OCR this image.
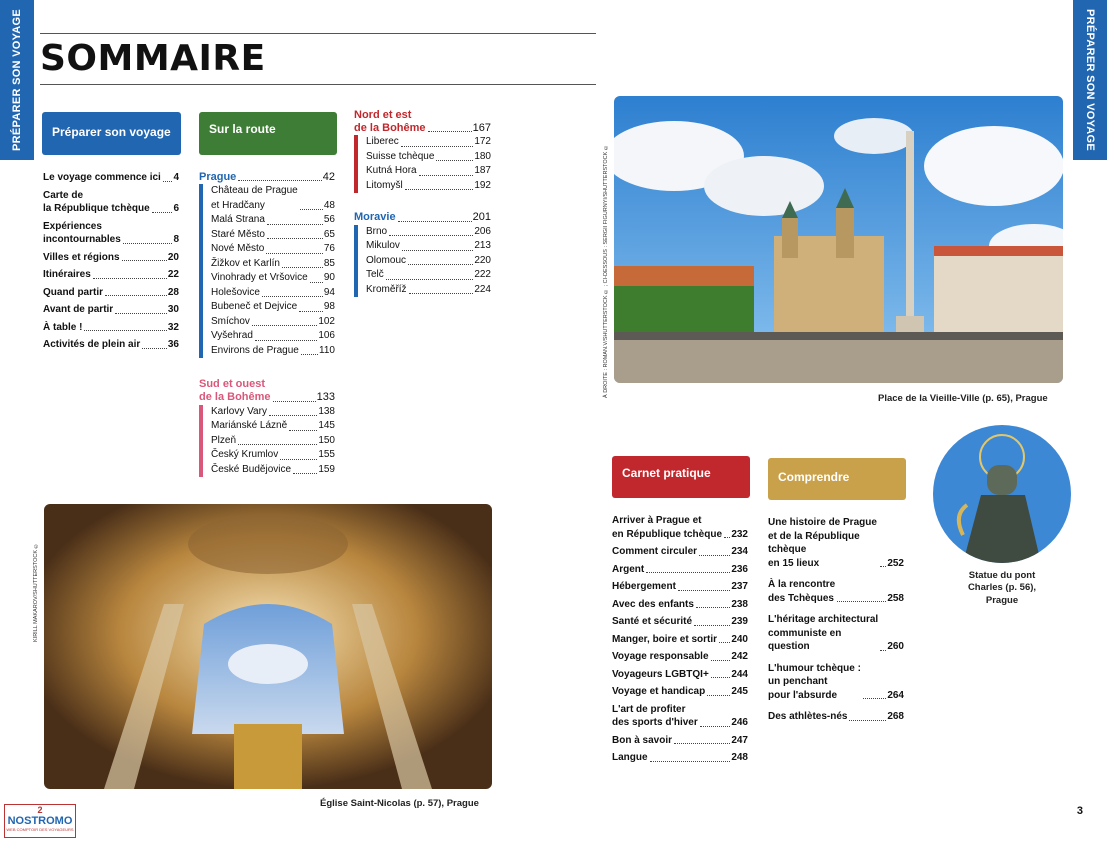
PRÉPARER SON VOYAGE	PRÉPARER SON VOYAGE
SOMMAIRE
Préparer son voyage	Sur la route
Carnet pratique	Comprendre
Le voyage commence ici 4
Carte de
la République tchèque 6
Expériences
incontournables	8
Villes et régions	20
Itinéraires	22
Quand partir	28
Avant de partir	30
À table !	32
Activités de plein air	36
Prague	42
Château de Prague
et Hradčany	48
Malá Strana	56
Staré Město	65
Nové Město	76
Žižkov et Karlín	85
Vinohrady et Vršovice 90
Holešovice	94
Bubeneč et Dejvice	98
Smíchov	102
Vyšehrad	106
Environs de Prague 110
Sud et ouest
de la Bohême	133
Karlovy Vary	138
Mariánské Lázně	145
Plzeň	150
Český Krumlov	155
České Budějovice	159
Nord et est
de la Bohême	167
Liberec	172
Suisse tchèque	180
Kutná Hora	187
Litomyšl	192
Moravie	201
Brno	206
Mikulov	213
Olomouc	220
Telč	222
Kroměříž	224
Arriver à Prague et
en République tchèque 232
Comment circuler	234
Argent	236
Hébergement	237
Avec des enfants	238
Santé et sécurité	239
Manger, boire et sortir 240
Voyage responsable 242
Voyageurs LGBTQI+ 244
Voyage et handicap	245
L'art de profiter
des sports d'hiver	246
Bon à savoir	247
Langue	248
Une histoire de Prague
et de la République tchèque
en 15 lieux	252
À la rencontre
des Tchèques	258
L'héritage architectural
communiste en question	260
L'humour tchèque :
un penchant
pour l'absurde	264
Des athlètes-nés	268
À DROITE : ROMAN.V/SHUTTERSTOCK © ; CI-DESSOUS : SERGII FIGURNYI/SHUTTERSTOCK ©
Place de la Vieille-Ville (p. 65), Prague
KIRILL MAKAROV/SHUTTERSTOCK ©
Église Saint-Nicolas (p. 57), Prague
Statue du pont
Charles (p. 56),
Prague
2
NOSTROMO
WEB COMPTOIR DES VOYAGEURS
3
